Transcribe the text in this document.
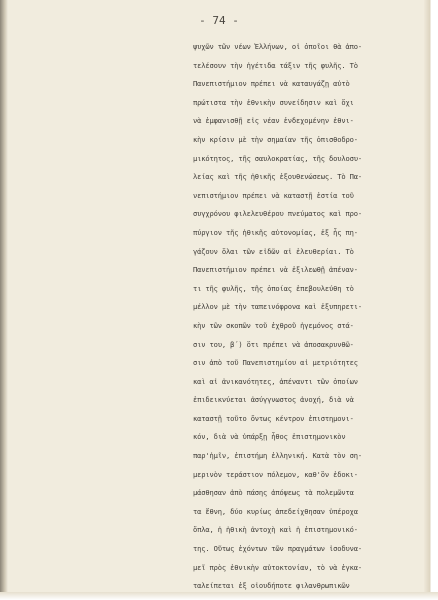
- 74 -
ψυχῶν τῶν νέων Ἑλλήνων, οἱ ὁποῖοι θὰ ἀπο-
τελέσουν τὴν ἡγέτιδα τάξιν τῆς φυλῆς. Τὸ
Πανεπιστήμιον πρέπει νὰ καταυγάζῃ αὐτὸ
πρώτιστα τὴν ἐθνικὴν συνείδησιν καὶ ὄχι
νὰ ἐμφανισθῇ εἰς νέαν ἐνδεχομένην ἐθνι-
κὴν κρίσιν μὲ τὴν σημαίαν τῆς ὀπισθοδρο-
μικότητος, τῆς σαυλοκρατίας, τῆς δουλοσυ-
λείας καὶ τῆς ἠθικῆς ἐξουθενώσεως. Τὸ Πα-
νεπιστήμιον πρέπει νὰ καταστῇ ἑστία τοῦ
συγχρόνου φιλελευθέρου πνεύματος καὶ προ-
πύργιον τῆς ἠθικῆς αὐτονομίας, ἐξ ἧς πη-
γάζουν ὅλαι τῶν εἰδῶν αἱ ἐλευθερίαι. Τὸ
Πανεπιστήμιον πρέπει νὰ ἐξιλεωθῇ ἀπέναν-
τι τῆς φυλῆς, τῆς ὁποίας ἐπεβουλεύθη τὸ
μέλλον μὲ τὴν ταπεινόφρονα καὶ ἐξυπηρετι-
κὴν τῶν σκοπῶν τοῦ ἐχθροῦ ἡγεμόνος στά-
σιν του, β΄) ὅτι πρέπει νὰ ἀποσακρυνθῶ-
σιν ἀπὸ τοῦ Πανεπιστημίου αἱ μετριότητες
καὶ αἱ ἀνικανότητες, ἀπέναντι τῶν ὁποίων
ἐπιδεικνύεται ἀσύγγνωστος ἀνοχή, διὰ νὰ
καταστῇ τοῦτο ὄντως κέντρον ἐπιστημονι-
κόν, διὰ νὰ ὑπάρξῃ ἦθος ἐπιστημονικὸν
παρ'ἡμῖν, ἐπιστήμη ἑλληνική. Κατὰ τὸν ση-
μερινὸν τεράστιον πόλεμον, καθ'ὃν ἐδοκι-
μάσθησαν ἀπὸ πάσης ἀπόψεως τὰ πολεμῶντα
τα ἔθνη, δύο κυρίως ἀπεδείχθησαν ὑπέροχα
ὅπλα, ἡ ἠθικὴ ἀντοχὴ καὶ ἡ ἐπιστημονικό-
της. Οὕτως ἐχόντων τῶν πραγμάτων ἰσοδυνα-
μεῖ πρὸς ἐθνικὴν αὐτοκτονίαν, τὸ νὰ ἐγκα-
ταλείπεται ἐξ οἱουδήποτε φιλανθρωπικῶν
